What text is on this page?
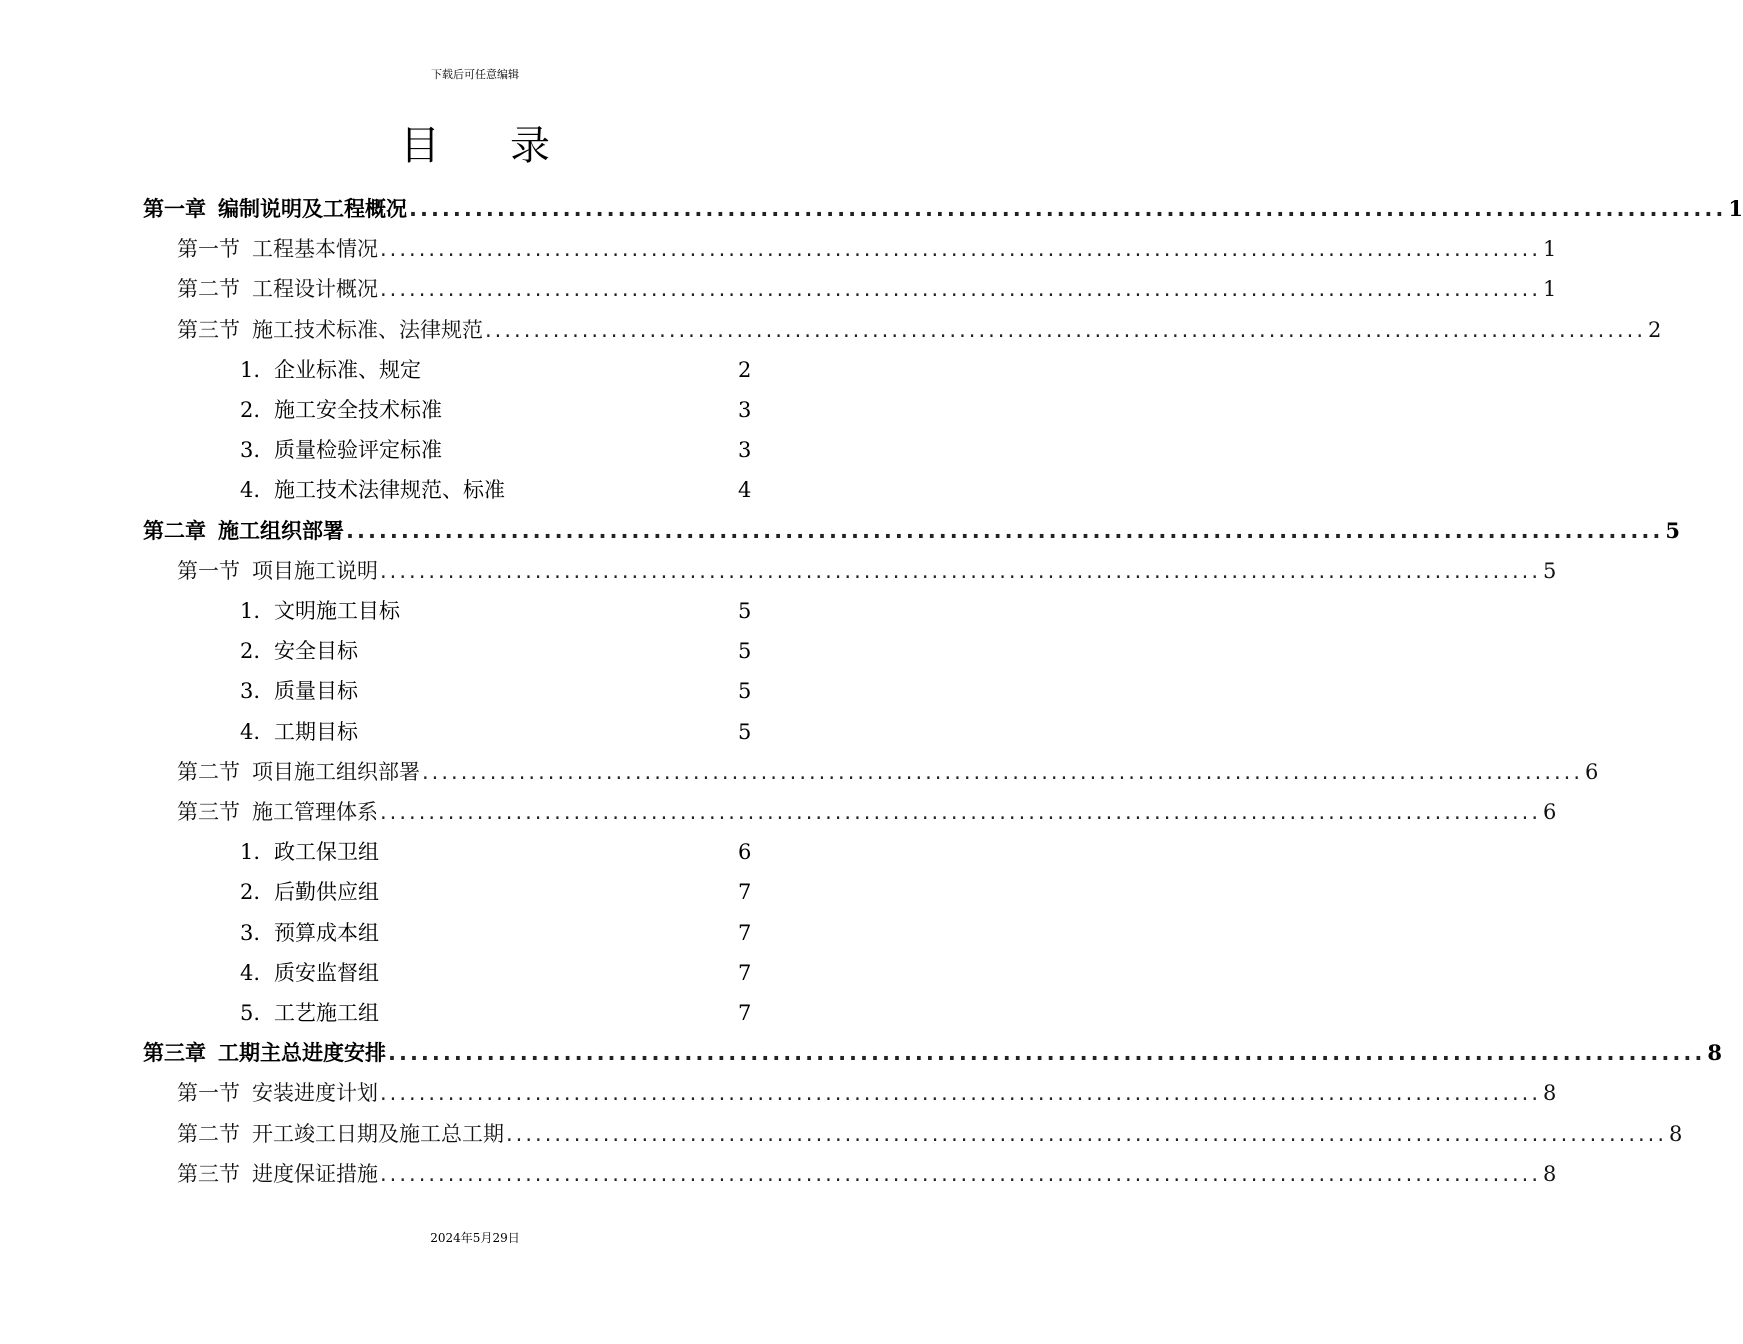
下载后可任意编辑
目 录
第一章 编制说明及工程概况 ........................................................................................................................ 1
第一节 工程基本情况 ........................................................................................................................ 1
第二节 工程设计概况 ........................................................................................................................ 1
第三节 施工技术标准、法律规范 ........................................................................................................................ 2
1. 企业标准、规定	2
2. 施工安全技术标准	3
3. 质量检验评定标准	3
4. 施工技术法律规范、标准	4
第二章 施工组织部署 ........................................................................................................................ 5
第一节 项目施工说明 ........................................................................................................................ 5
1. 文明施工目标	5
2. 安全目标	5
3. 质量目标	5
4. 工期目标	5
第二节 项目施工组织部署 ........................................................................................................................ 6
第三节 施工管理体系 ........................................................................................................................ 6
1. 政工保卫组	6
2. 后勤供应组	7
3. 预算成本组	7
4. 质安监督组	7
5. 工艺施工组	7
第三章 工期主总进度安排 ........................................................................................................................ 8
第一节 安装进度计划 ........................................................................................................................ 8
第二节 开工竣工日期及施工总工期 ........................................................................................................................ 8
第三节 进度保证措施 ........................................................................................................................ 8
2024年5月29日
